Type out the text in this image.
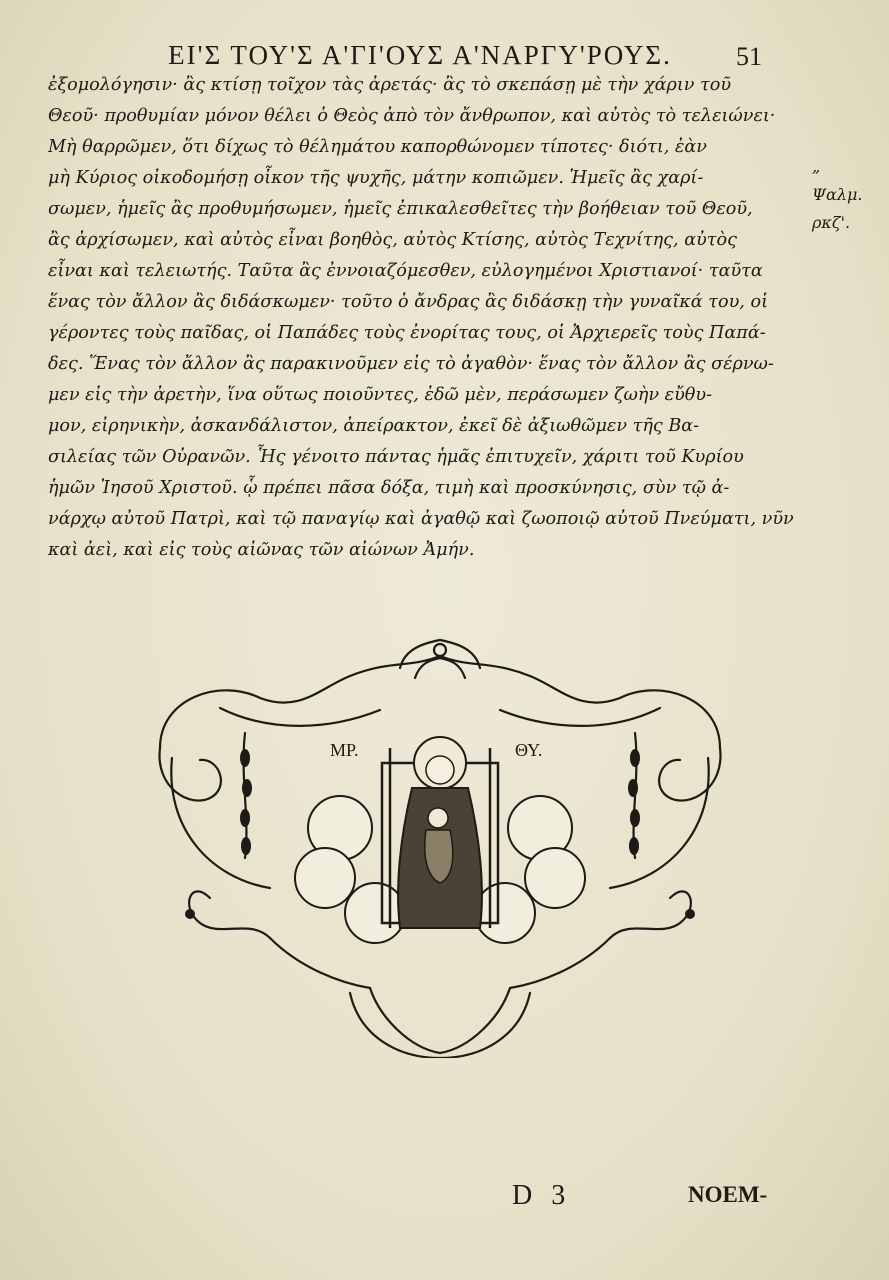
ΕΙ'Σ ΤΟΥ'Σ Α'ΓΙ'ΟΥΣ Α'ΝΑΡΓΥ'ΡΟΥΣ.	51
ἐξομολόγησιν· ἂς κτίσῃ τοῖχον τὰς ἀρετάς· ἂς τὸ σκεπάσῃ μὲ τὴν χάριν τοῦ
Θεοῦ· προθυμίαν μόνον θέλει ὁ Θεὸς ἀπὸ τὸν ἄνθρωπον, καὶ αὐτὸς τὸ τελειώνει·
Μὴ θαρρῶμεν, ὅτι δίχως τὸ θέλημάτου καπορθώνομεν τίποτες· διότι, ἐὰν
μὴ Κύριος οἰκοδομήσῃ οἶκον τῆς ψυχῆς, μάτην κοπιῶμεν. Ἡμεῖς ἂς χαρί-
σωμεν, ἡμεῖς ἂς προθυμήσωμεν, ἡμεῖς ἐπικαλεσθεῖτες τὴν βοήθειαν τοῦ Θεοῦ,
ἂς ἀρχίσωμεν, καὶ αὐτὸς εἶναι βοηθὸς, αὐτὸς Κτίσης, αὐτὸς Τεχνίτης, αὐτὸς
εἶναι καὶ τελειωτής. Ταῦτα ἂς ἐννοιαζόμεσθεν, εὐλογημένοι Χριστιανοί· ταῦτα
ἕνας τὸν ἄλλον ἂς διδάσκωμεν· τοῦτο ὁ ἄνδρας ἂς διδάσκῃ τὴν γυναῖκά του, οἱ
γέροντες τοὺς παῖδας, οἱ Παπάδες τοὺς ἐνορίτας τους, οἱ Ἀρχιερεῖς τοὺς Παπά-
δες. Ἕνας τὸν ἄλλον ἂς παρακινοῦμεν εἰς τὸ ἀγαθὸν· ἕνας τὸν ἄλλον ἂς σέρνω-
μεν εἰς τὴν ἀρετὴν, ἵνα οὕτως ποιοῦντες, ἐδῶ μὲν, περάσωμεν ζωὴν εὔθυ-
μον, εἰρηνικὴν, ἀσκανδάλιστον, ἀπείρακτον, ἐκεῖ δὲ ἀξιωθῶμεν τῆς Βα-
σιλείας τῶν Οὐρανῶν. Ἧς γένοιτο πάντας ἡμᾶς ἐπιτυχεῖν, χάριτι τοῦ Κυρίου
ἡμῶν Ἰησοῦ Χριστοῦ. ᾧ πρέπει πᾶσα δόξα, τιμὴ καὶ προσκύνησις, σὺν τῷ ἀ-
νάρχῳ αὐτοῦ Πατρὶ, καὶ τῷ παναγίῳ καὶ ἀγαθῷ καὶ ζωοποιῷ αὐτοῦ Πνεύματι, νῦν
καὶ ἀεὶ, καὶ εἰς τοὺς αἰῶνας τῶν αἰώνων Ἀμήν.
„
Ψαλμ.
ρκζ'.
ΜΡ.	ΘΥ.
D 3	NOEM-
